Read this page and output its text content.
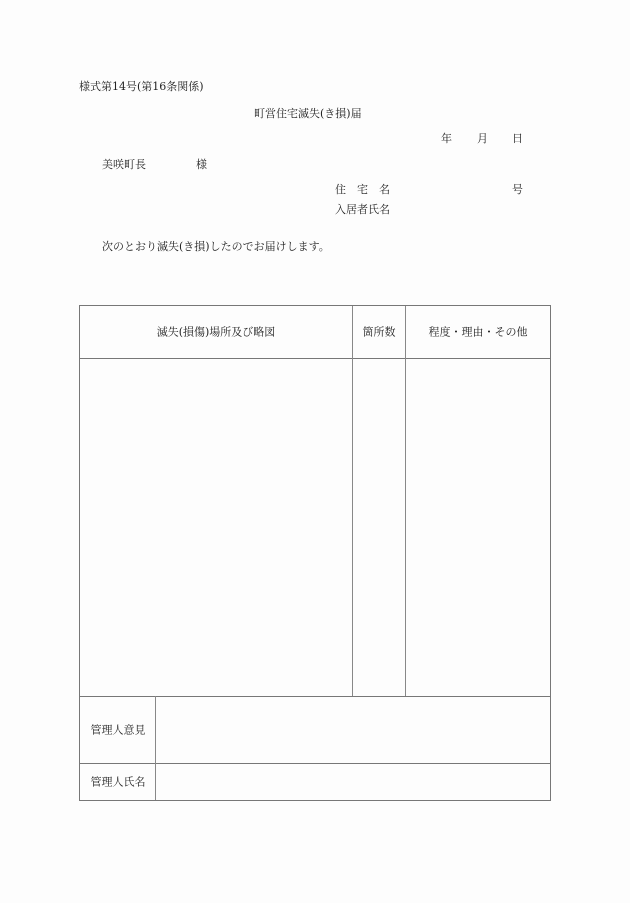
様式第14号(第16条関係)
町営住宅滅失(き損)届
年 月 日
美咲町長	様
住　宅　名	号
入居者氏名
次のとおり滅失(き損)したのでお届けします。
滅失(損傷)場所及び略図	箇所数	程度・理由・その他
管理人意見
管理人氏名
